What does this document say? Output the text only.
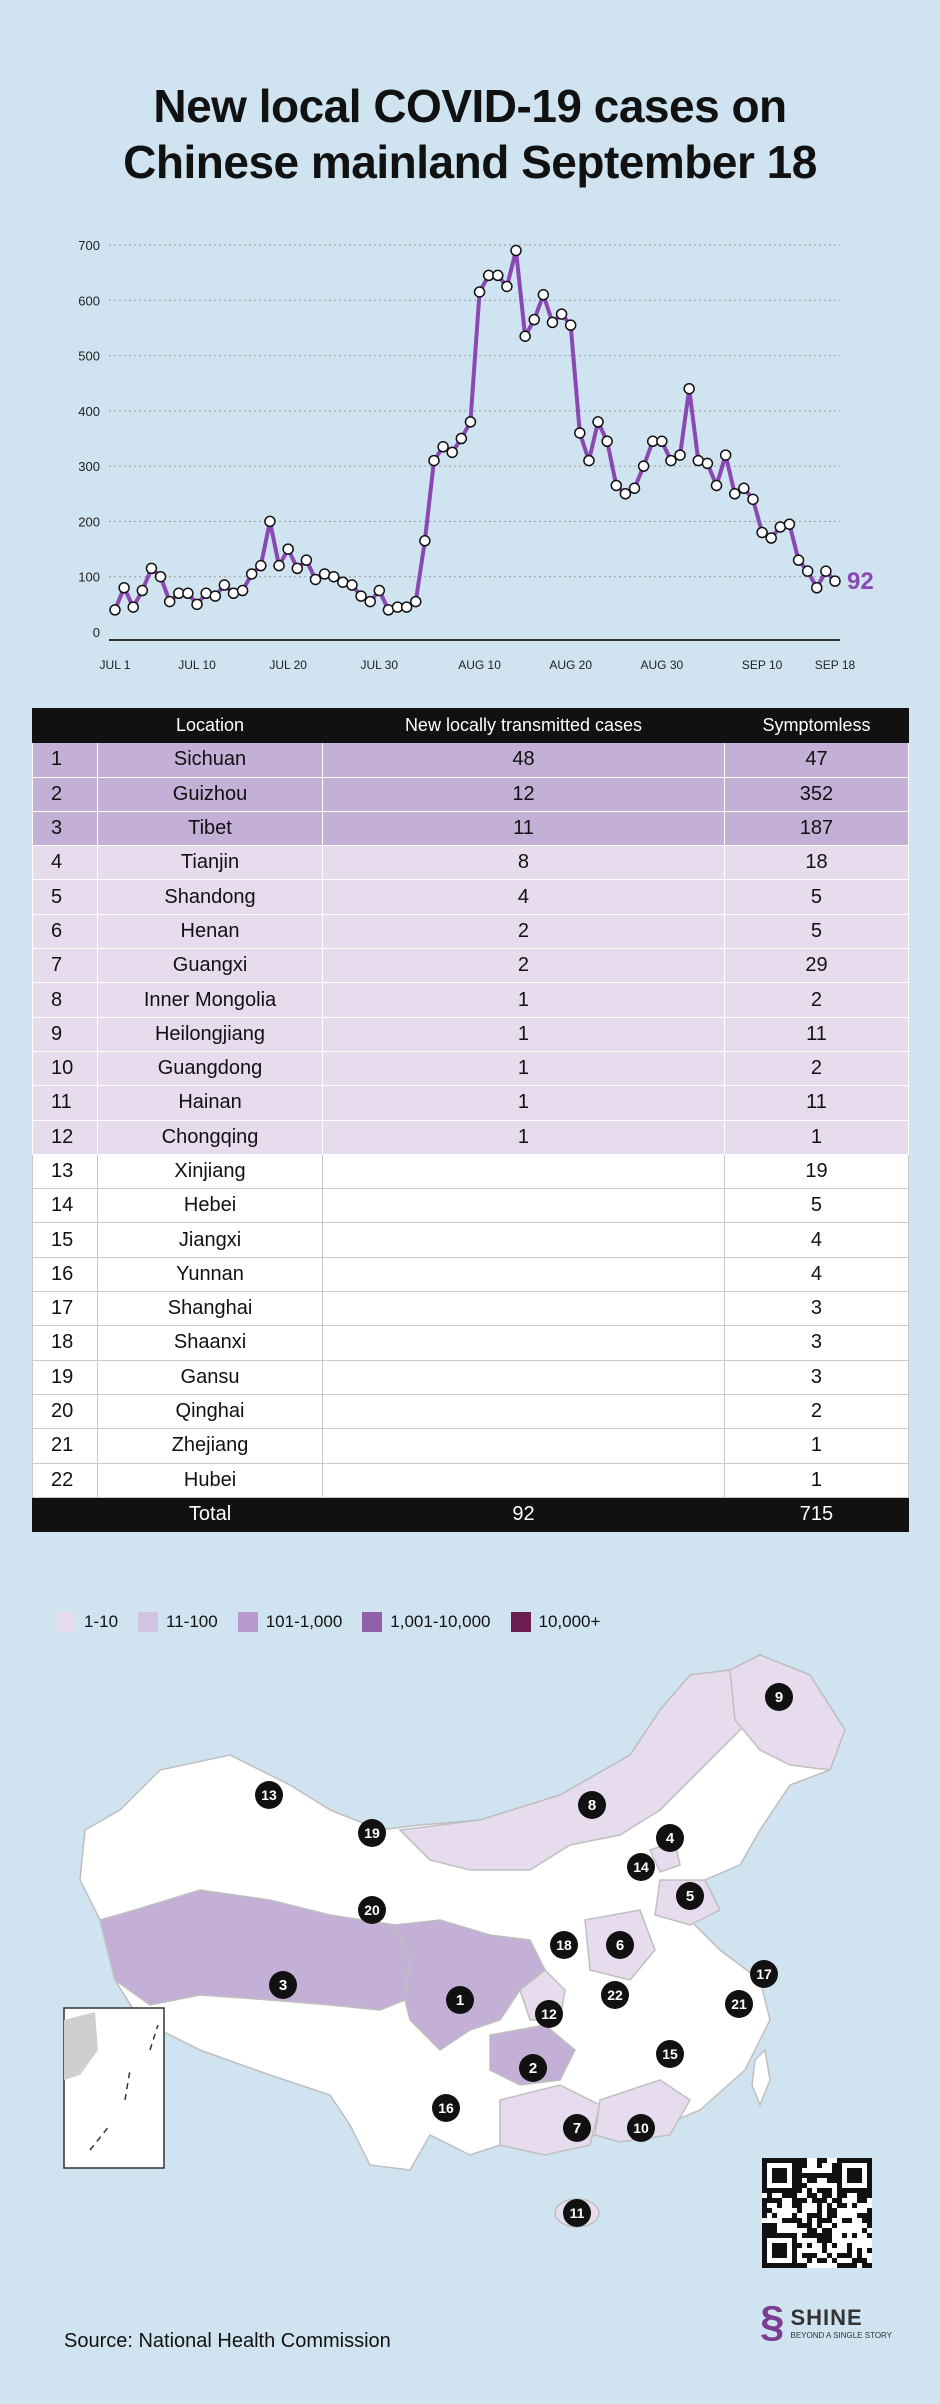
New local COVID-19 cases on
Chinese mainland September 18
0
100
200
300
400
500
600
700
JUL 1	JUL 10	JUL 20	JUL 30	AUG 10	AUG 20	AUG 30	SEP 10	SEP 18
92
	Location	New locally transmitted cases	Symptomless
1	Sichuan	48	47
2	Guizhou	12	352
3	Tibet	11	187
4	Tianjin	8	18
5	Shandong	4	5
6	Henan	2	5
7	Guangxi	2	29
8	Inner Mongolia	1	2
9	Heilongjiang	1	11
10	Guangdong	1	2
11	Hainan	1	11
12	Chongqing	1	1
13	Xinjiang		19
14	Hebei		5
15	Jiangxi		4
16	Yunnan		4
17	Shanghai		3
18	Shaanxi		3
19	Gansu		3
20	Qinghai		2
21	Zhejiang		1
22	Hubei		1
	Total	92	715
1-10	11-100	101-1,000	1,001-10,000	10,000+
1
2
3
4
5
6
7
8
9
10
11
12
13
14
15
16
17
18
19
20
21
22
Source: National Health Commission	§ SHINE
BEYOND A SINGLE STORY
